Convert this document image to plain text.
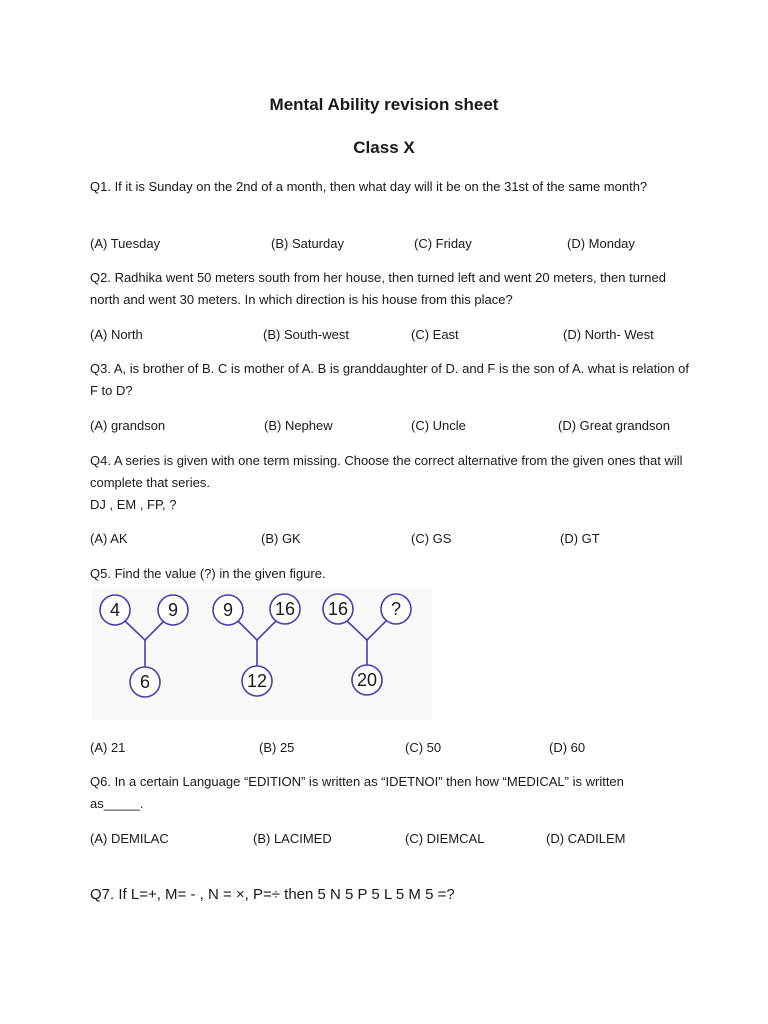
Mental Ability revision sheet
Class X
Q1. If it is Sunday on the 2nd of a month, then what day will it be on the 31st of the same month?
(A) Tuesday	(B) Saturday	(C) Friday	(D) Monday
Q2. Radhika went 50 meters south from her house, then turned left and went 20 meters, then turned north and went 30 meters. In which direction is his house from this place?
(A) North	(B) South-west	(C) East	(D) North- West
Q3. A, is brother of B. C is mother of A. B is granddaughter of D. and F is the son of A. what is relation of F to D?
(A) grandson	(B) Nephew	(C) Uncle	(D) Great grandson
Q4. A series is given with one term missing. Choose the correct alternative from the given ones that will complete that series.
DJ , EM , FP, ?
(A) AK	(B) GK	(C) GS	(D) GT
Q5. Find the value (?) in the given figure.
4	9
6
9 16
12
16 ?
20
(A) 21	(B) 25	(C) 50	(D) 60
Q6. In a certain Language “EDITION” is written as “IDETNOI” then how “MEDICAL” is written as_____.
(A) DEMILAC	(B) LACIMED	(C) DIEMCAL	(D) CADILEM
Q7. If L=+, M= - , N = ×, P=÷ then 5 N 5 P 5 L 5 M 5 =?
